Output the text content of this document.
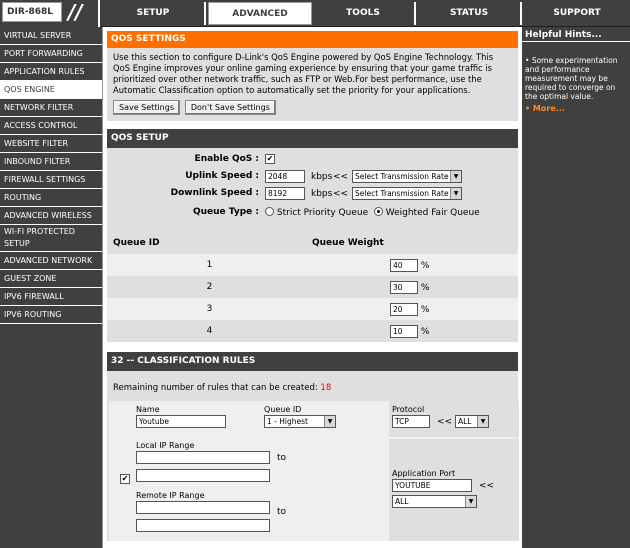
DIR-868L //	SETUP	ADVANCED	TOOLS	STATUS	SUPPORT
VIRTUAL SERVER
PORT FORWARDING
APPLICATION RULES
QOS ENGINE
NETWORK FILTER
ACCESS CONTROL
WEBSITE FILTER
INBOUND FILTER
FIREWALL SETTINGS
ROUTING
ADVANCED WIRELESS
WI-FI PROTECTED SETUP
ADVANCED NETWORK
GUEST ZONE
IPV6 FIREWALL
IPV6 ROUTING
QOS SETTINGS
Use this section to configure D-Link's QoS Engine powered by QoS Engine Technology. This QoS Engine improves your online gaming experience by ensuring that your game traffic is prioritized over other network traffic, such as FTP or Web.For best performance, use the Automatic Classification option to automatically set the priority for your applications.
Save Settings Don't Save Settings
QOS SETUP
Enable QoS : ✔
Uplink Speed :	2048	kbps << Select Transmission Rate ▼
Downlink Speed :	8192	kbps << Select Transmission Rate ▼
Queue Type :	Strict Priority Queue Weighted Fair Queue
Queue ID	Queue Weight
1	40 %
2	30 %
3	20 %
4	10 %
32 -- CLASSIFICATION RULES
Remaining number of rules that can be created: 18
Name
Youtube
Queue ID
1 - Highest	▼
Protocol
TCP	<< ALL	▼
✔
Local IP Range
to
Remote IP Range
to
Application Port
YOUTUBE	<<
ALL	▼
Helpful Hints...
• Some experimentation and performance measurement may be required to converge on the optimal value.
• More...
